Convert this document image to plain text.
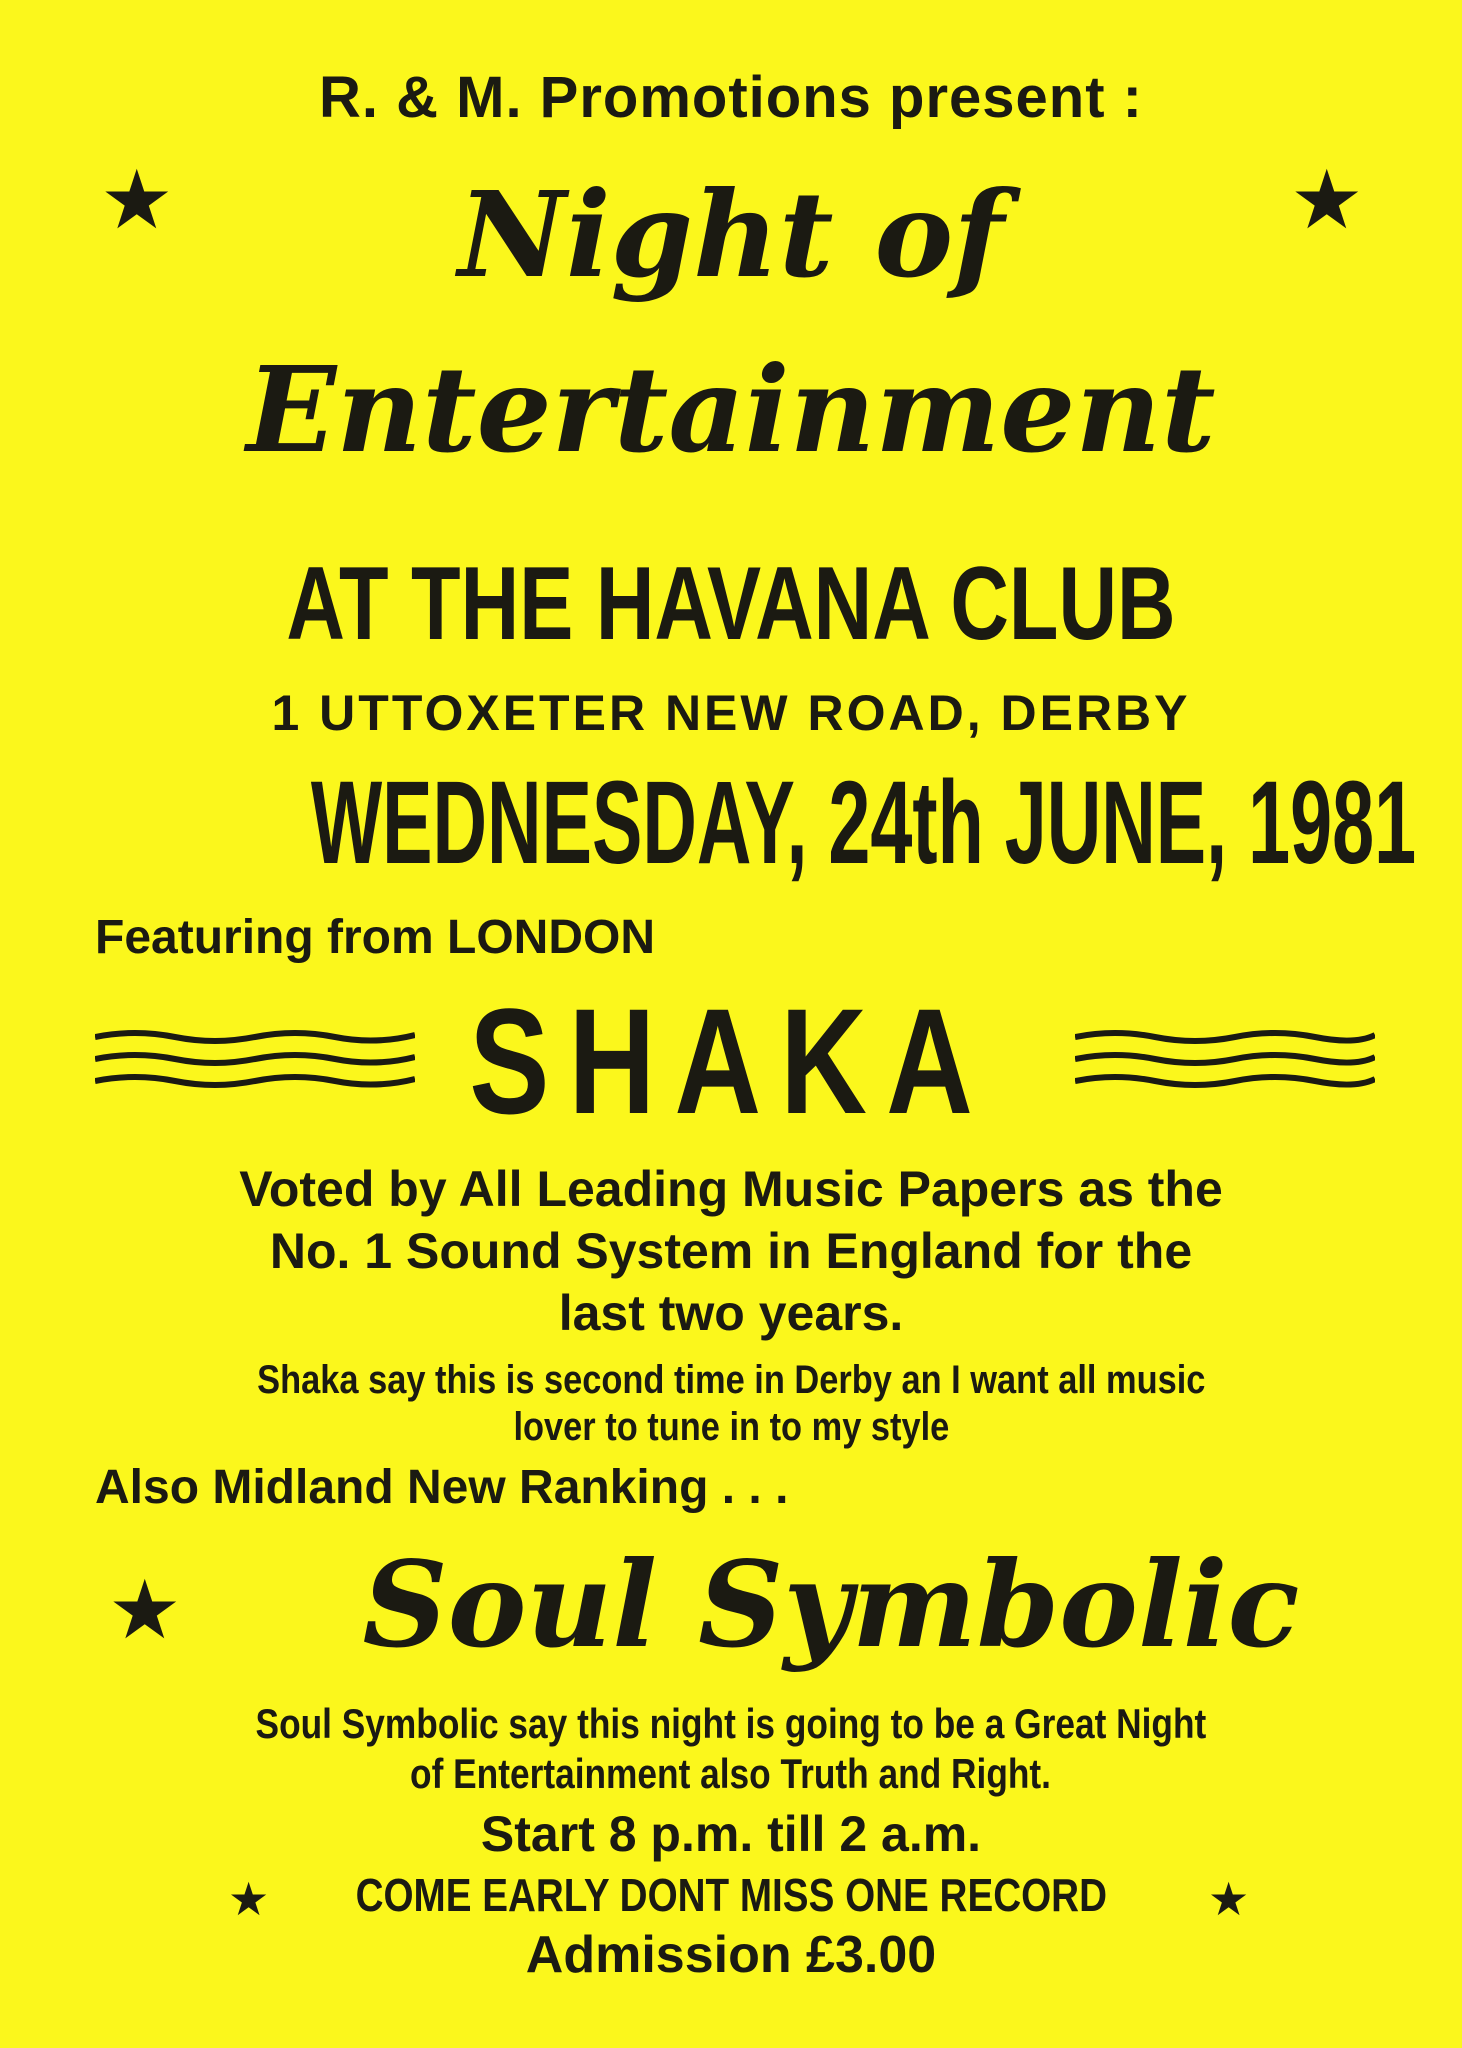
R. & M. Promotions present :

★	★

Night of

Entertainment

AT THE HAVANA CLUB

1 UTTOXETER NEW ROAD, DERBY

WEDNESDAY, 24th JUNE, 1981

Featuring from LONDON

SHAKA

Voted by All Leading Music Papers as the

No. 1 Sound System in England for the

last two years.

Shaka say this is second time in Derby an I want all music

lover to tune in to my style

Also Midland New Ranking . . .

★	Soul Symbolic

Soul Symbolic say this night is going to be a Great Night

of Entertainment also Truth and Right.

Start 8 p.m. till 2 a.m.

★	COME EARLY DONT MISS ONE RECORD	★

Admission £3.00
